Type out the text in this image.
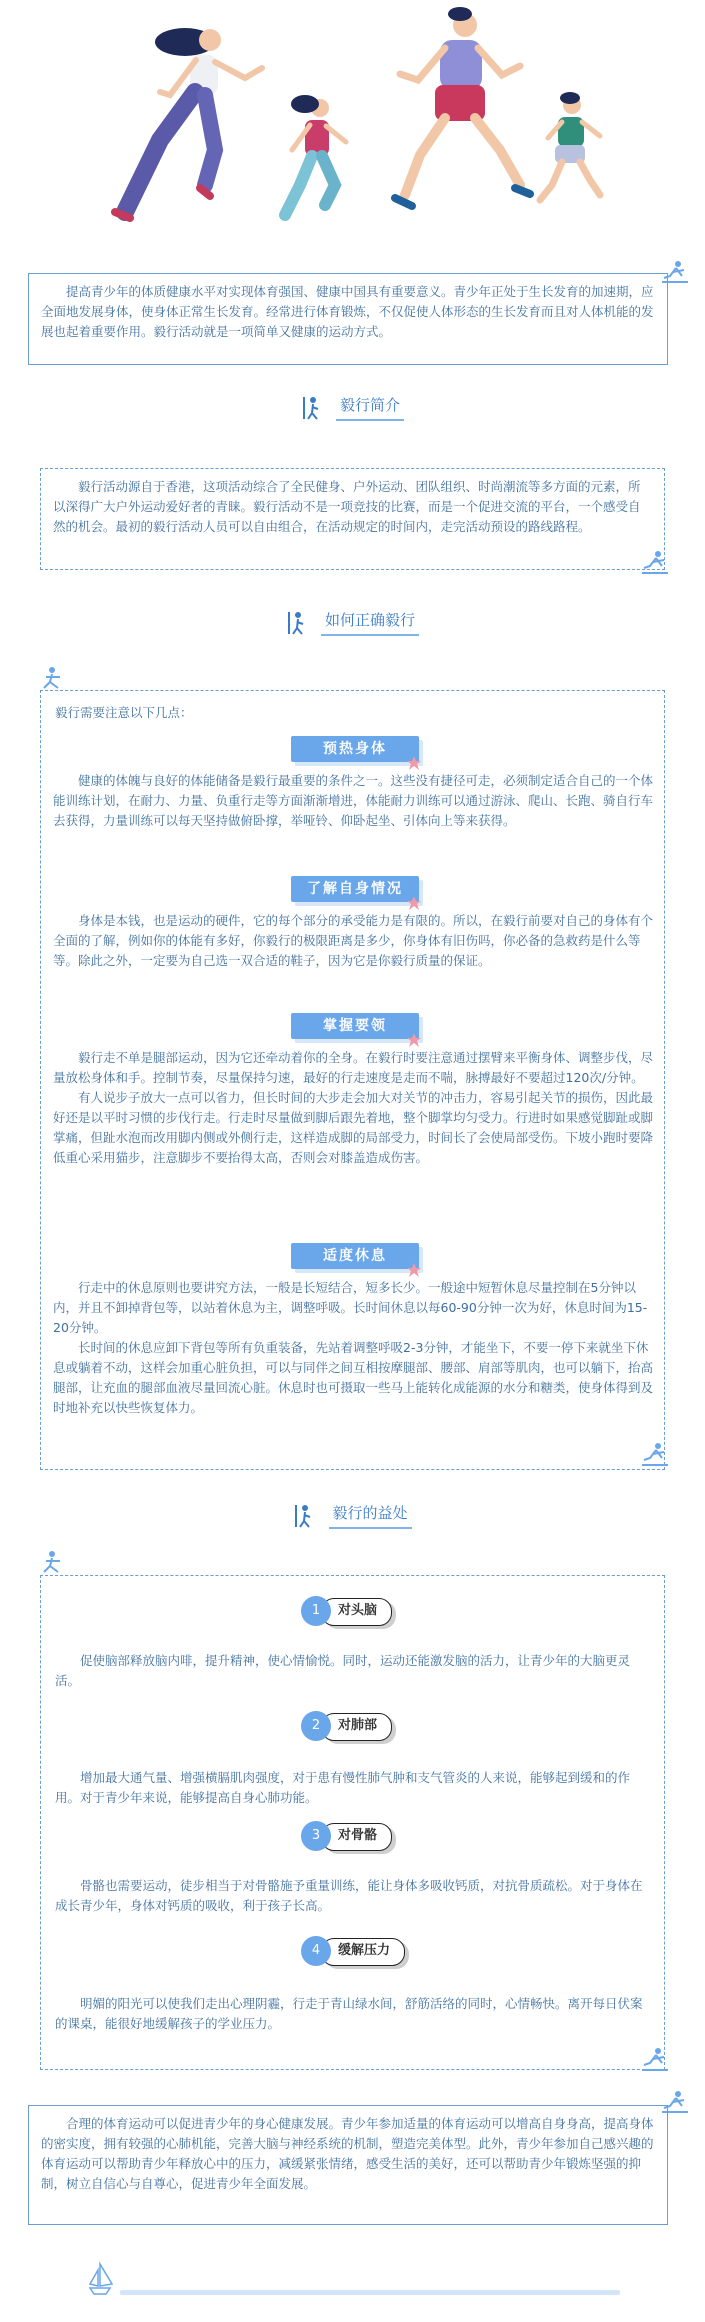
提高青少年的体质健康水平对实现体育强国、健康中国具有重要意义。青少年正处于生长发育的加速期，应全面地发展身体，使身体正常生长发育。经常进行体育锻炼，不仅促使人体形态的生长发育而且对人体机能的发展也起着重要作用。毅行活动就是一项简单又健康的运动方式。

毅行简介

毅行活动源自于香港，这项活动综合了全民健身、户外运动、团队组织、时尚潮流等多方面的元素，所以深得广大户外运动爱好者的青睐。毅行活动不是一项竞技的比赛，而是一个促进交流的平台，一个感受自然的机会。最初的毅行活动人员可以自由组合，在活动规定的时间内，走完活动预设的路线路程。

如何正确毅行
毅行需要注意以下几点：
预热身体

健康的体魄与良好的体能储备是毅行最重要的条件之一。这些没有捷径可走，必须制定适合自己的一个体能训练计划，在耐力、力量、负重行走等方面渐渐增进，体能耐力训练可以通过游泳、爬山、长跑、骑自行车去获得，力量训练可以每天坚持做俯卧撑，举哑铃、仰卧起坐、引体向上等来获得。

了解自身情况

身体是本钱，也是运动的硬件，它的每个部分的承受能力是有限的。所以，在毅行前要对自己的身体有个全面的了解，例如你的体能有多好，你毅行的极限距离是多少，你身体有旧伤吗，你必备的急救药是什么等等。除此之外，一定要为自己选一双合适的鞋子，因为它是你毅行质量的保证。

掌握要领

毅行走不单是腿部运动，因为它还牵动着你的全身。在毅行时要注意通过摆臂来平衡身体、调整步伐，尽量放松身体和手。控制节奏，尽量保持匀速，最好的行走速度是走而不喘，脉搏最好不要超过120次/分钟。

有人说步子放大一点可以省力，但长时间的大步走会加大对关节的冲击力，容易引起关节的损伤，因此最好还是以平时习惯的步伐行走。行走时尽量做到脚后跟先着地，整个脚掌均匀受力。行进时如果感觉脚趾或脚掌痛，但趾水泡而改用脚内侧或外侧行走，这样造成脚的局部受力，时间长了会使局部受伤。下坡小跑时要降低重心采用猫步，注意脚步不要抬得太高，否则会对膝盖造成伤害。

适度休息

行走中的休息原则也要讲究方法，一般是长短结合，短多长少。一般途中短暂休息尽量控制在5分钟以内，并且不卸掉背包等，以站着休息为主，调整呼吸。长时间休息以每60-90分钟一次为好，休息时间为15-20分钟。

长时间的休息应卸下背包等所有负重装备，先站着调整呼吸2-3分钟，才能坐下，不要一停下来就坐下休息或躺着不动，这样会加重心脏负担，可以与同伴之间互相按摩腿部、腰部、肩部等肌肉，也可以躺下，抬高腿部，让充血的腿部血液尽量回流心脏。休息时也可摄取一些马上能转化成能源的水分和糖类，使身体得到及时地补充以快些恢复体力。

毅行的益处
对头脑
1

促使脑部释放脑内啡，提升精神，使心情愉悦。同时，运动还能激发脑的活力，让青少年的大脑更灵活。

对肺部
2

增加最大通气量、增强横膈肌肉强度，对于患有慢性肺气肿和支气管炎的人来说，能够起到缓和的作用。对于青少年来说，能够提高自身心肺功能。

对骨骼
3

骨骼也需要运动，徒步相当于对骨骼施予重量训练，能让身体多吸收钙质，对抗骨质疏松。对于身体在成长青少年，身体对钙质的吸收，利于孩子长高。

缓解压力
4

明媚的阳光可以使我们走出心理阴霾，行走于青山绿水间，舒筋活络的同时，心情畅快。离开每日伏案的课桌，能很好地缓解孩子的学业压力。

合理的体育运动可以促进青少年的身心健康发展。青少年参加适量的体育运动可以增高自身身高，提高身体的密实度，拥有较强的心肺机能，完善大脑与神经系统的机制，塑造完美体型。此外，青少年参加自己感兴趣的体育运动可以帮助青少年释放心中的压力，减缓紧张情绪，感受生活的美好，还可以帮助青少年锻炼坚强的抑制，树立自信心与自尊心，促进青少年全面发展。
